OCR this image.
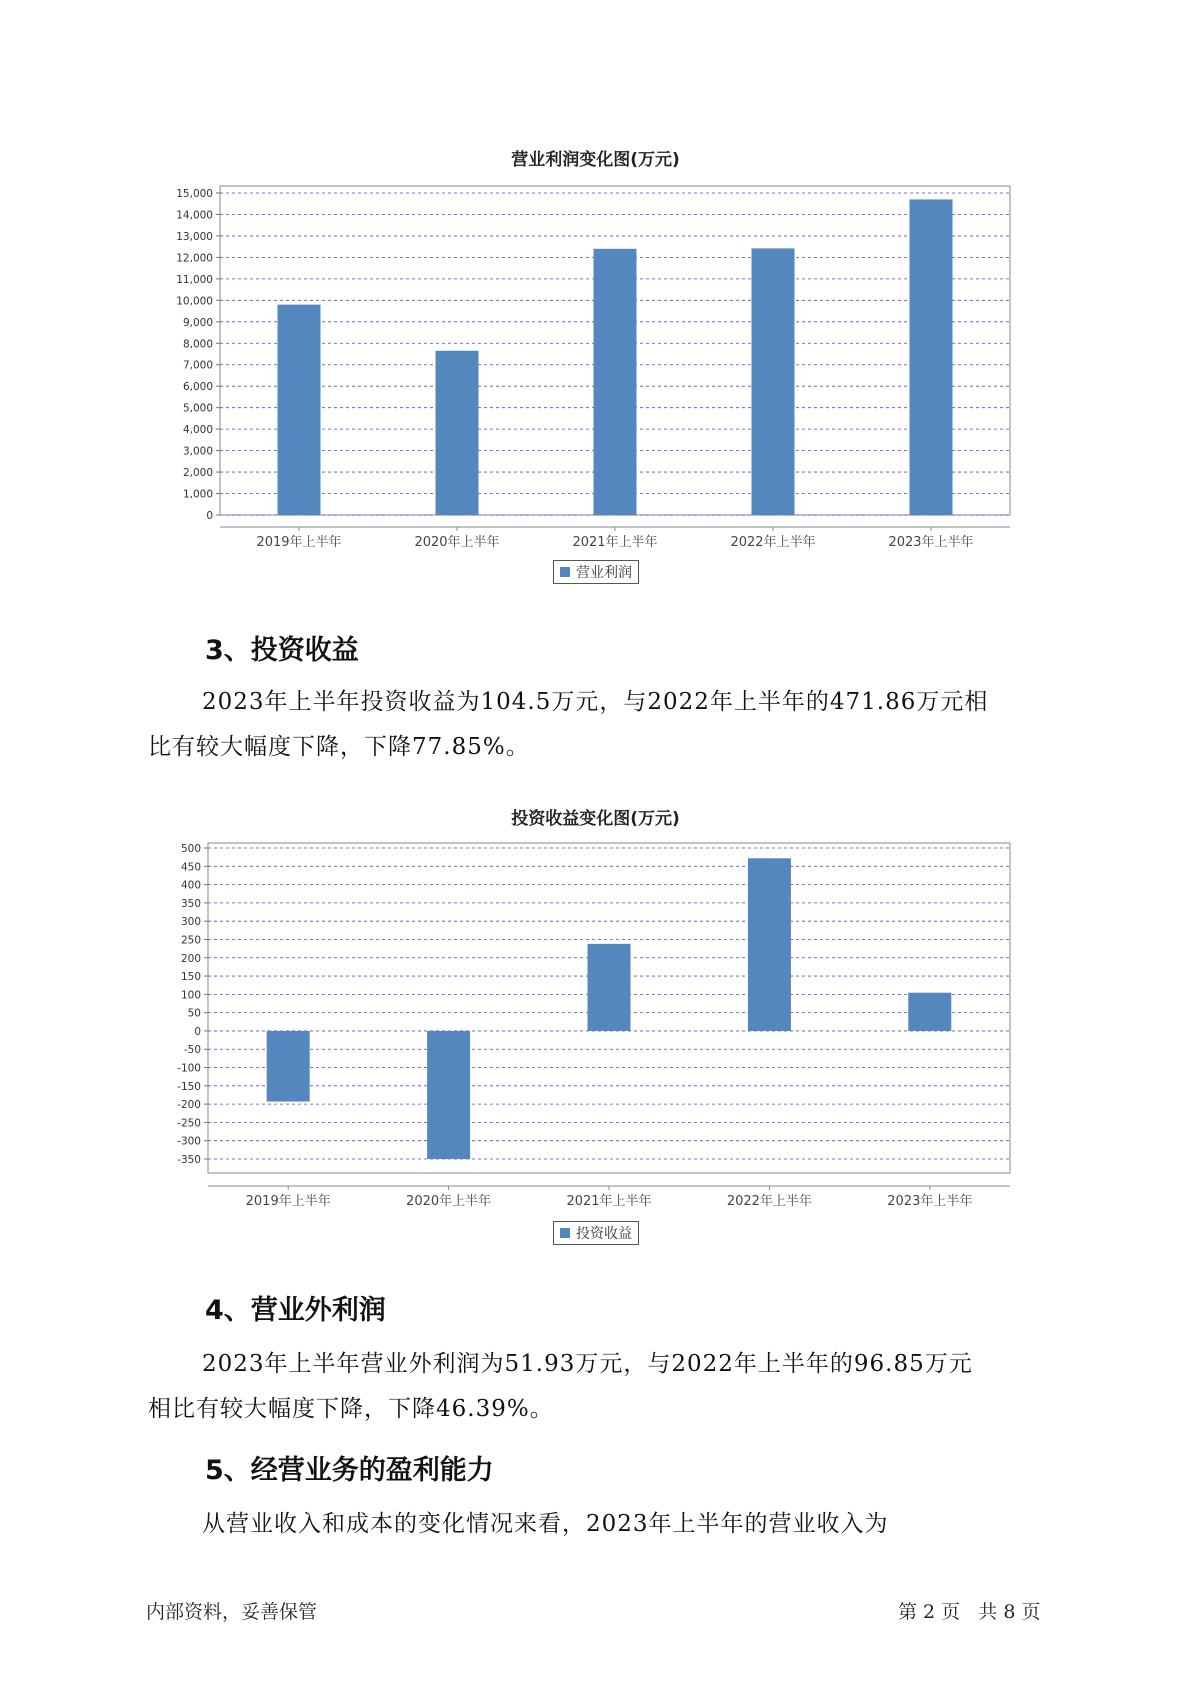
营业利润变化图(万元)
0
1,000
2,000
3,000
4,000
5,000
6,000
7,000
8,000
9,000
10,000
11,000
12,000
13,000
14,000
15,000
2019年上半年	2020年上半年	2021年上半年	2022年上半年	2023年上半年
营业利润
3、投资收益

2023年上半年投资收益为104.5万元，与2022年上半年的471.86万元相

比有较大幅度下降，下降77.85%。

投资收益变化图(万元)
-350
-300
-250
-200
-150
-100
-50
0
50
100
150
200
250
300
350
400
450
500
2019年上半年	2020年上半年	2021年上半年	2022年上半年	2023年上半年
投资收益
4、营业外利润

2023年上半年营业外利润为51.93万元，与2022年上半年的96.85万元

相比有较大幅度下降，下降46.39%。

5、经营业务的盈利能力

从营业收入和成本的变化情况来看，2023年上半年的营业收入为

内部资料，妥善保管	第 2 页   共 8 页
